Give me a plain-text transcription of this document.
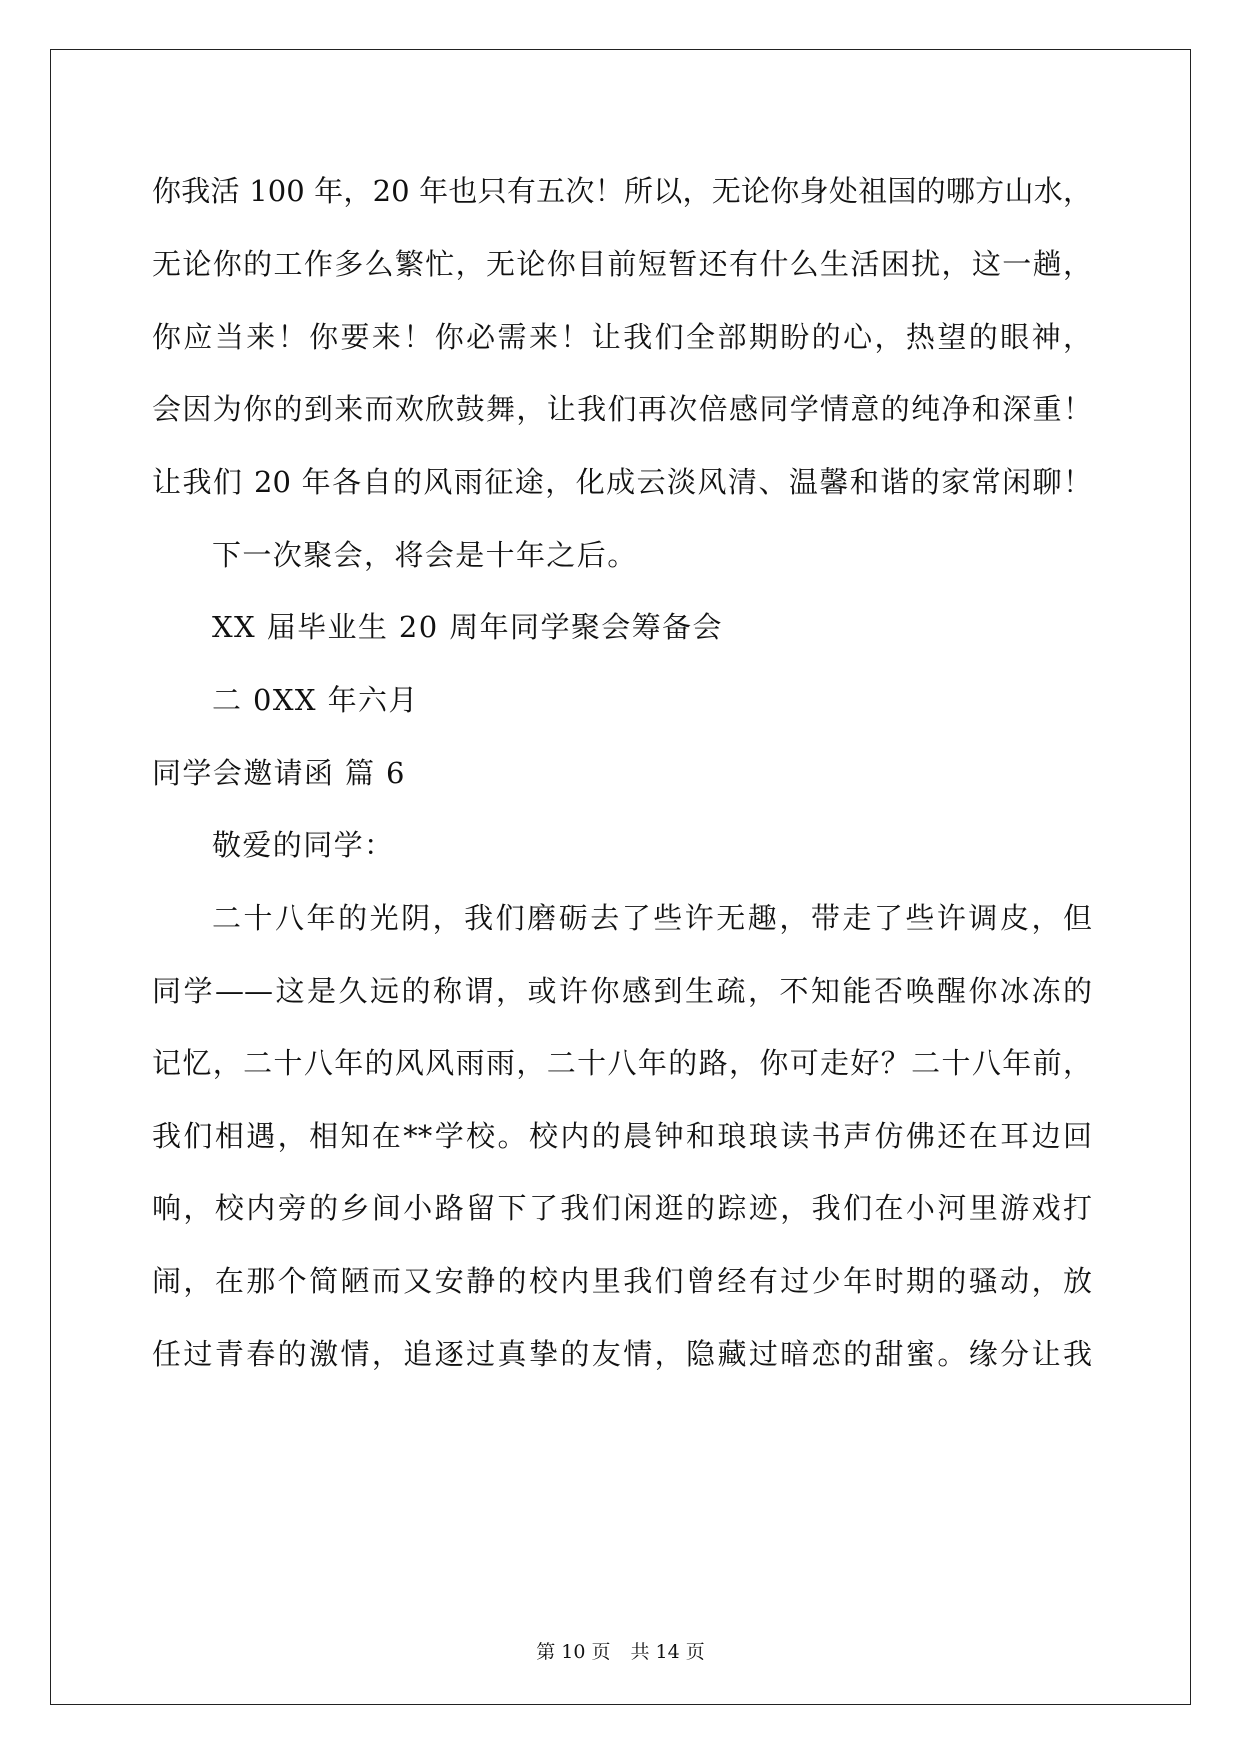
你我活 100 年，20 年也只有五次！所以，无论你身处祖国的哪方山水，
无论你的工作多么繁忙，无论你目前短暂还有什么生活困扰，这一趟，
你应当来！你要来！你必需来！让我们全部期盼的心，热望的眼神，
会因为你的到来而欢欣鼓舞，让我们再次倍感同学情意的纯净和深重！
让我们 20 年各自的风雨征途，化成云淡风清、温馨和谐的家常闲聊！
下一次聚会，将会是十年之后。
XX 届毕业生 20 周年同学聚会筹备会
二 0XX 年六月
同学会邀请函 篇 6
敬爱的同学：
二十八年的光阴，我们磨砺去了些许无趣，带走了些许调皮，但
同学——这是久远的称谓，或许你感到生疏，不知能否唤醒你冰冻的
记忆，二十八年的风风雨雨，二十八年的路，你可走好？二十八年前，
我们相遇，相知在**学校。校内的晨钟和琅琅读书声仿佛还在耳边回
响，校内旁的乡间小路留下了我们闲逛的踪迹，我们在小河里游戏打
闹，在那个简陋而又安静的校内里我们曾经有过少年时期的骚动，放
任过青春的激情，追逐过真挚的友情，隐藏过暗恋的甜蜜。缘分让我
第 10 页 共 14 页
